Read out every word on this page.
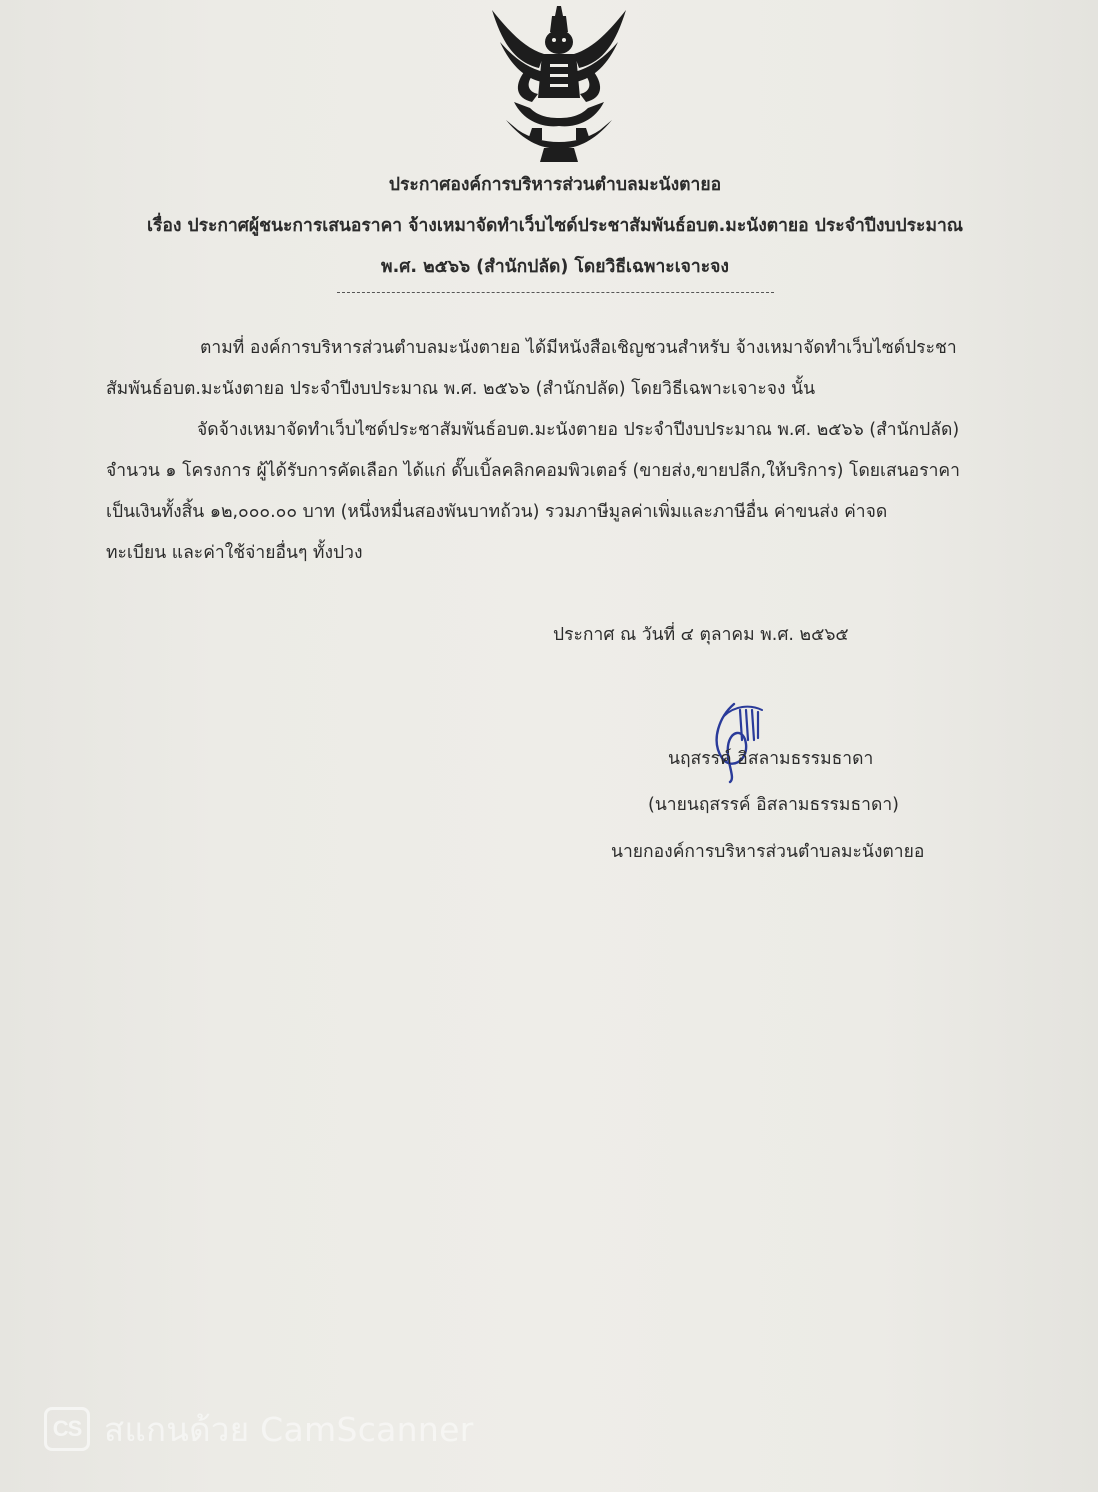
ประกาศองค์การบริหารส่วนตำบลมะนังตายอ
เรื่อง ประกาศผู้ชนะการเสนอราคา จ้างเหมาจัดทำเว็บไซด์ประชาสัมพันธ์อบต.มะนังตายอ ประจำปีงบประมาณ
พ.ศ. ๒๕๖๖ (สำนักปลัด) โดยวิธีเฉพาะเจาะจง
ตามที่ องค์การบริหารส่วนตำบลมะนังตายอ ได้มีหนังสือเชิญชวนสำหรับ จ้างเหมาจัดทำเว็บไซด์ประชา
สัมพันธ์อบต.มะนังตายอ ประจำปีงบประมาณ พ.ศ. ๒๕๖๖ (สำนักปลัด) โดยวิธีเฉพาะเจาะจง นั้น
จัดจ้างเหมาจัดทำเว็บไซด์ประชาสัมพันธ์อบต.มะนังตายอ ประจำปีงบประมาณ พ.ศ. ๒๕๖๖ (สำนักปลัด)
จำนวน ๑ โครงการ ผู้ได้รับการคัดเลือก ได้แก่ ดั๊บเบิ้ลคลิกคอมพิวเตอร์ (ขายส่ง,ขายปลีก,ให้บริการ) โดยเสนอราคา
เป็นเงินทั้งสิ้น ๑๒,๐๐๐.๐๐ บาท (หนึ่งหมื่นสองพันบาทถ้วน) รวมภาษีมูลค่าเพิ่มและภาษีอื่น ค่าขนส่ง ค่าจด
ทะเบียน และค่าใช้จ่ายอื่นๆ ทั้งปวง
ประกาศ ณ วันที่ ๔ ตุลาคม พ.ศ. ๒๕๖๕
นฤสรรค์ อิสลามธรรมธาดา
(นายนฤสรรค์ อิสลามธรรมธาดา)
นายกองค์การบริหารส่วนตำบลมะนังตายอ
CS สแกนด้วย CamScanner
